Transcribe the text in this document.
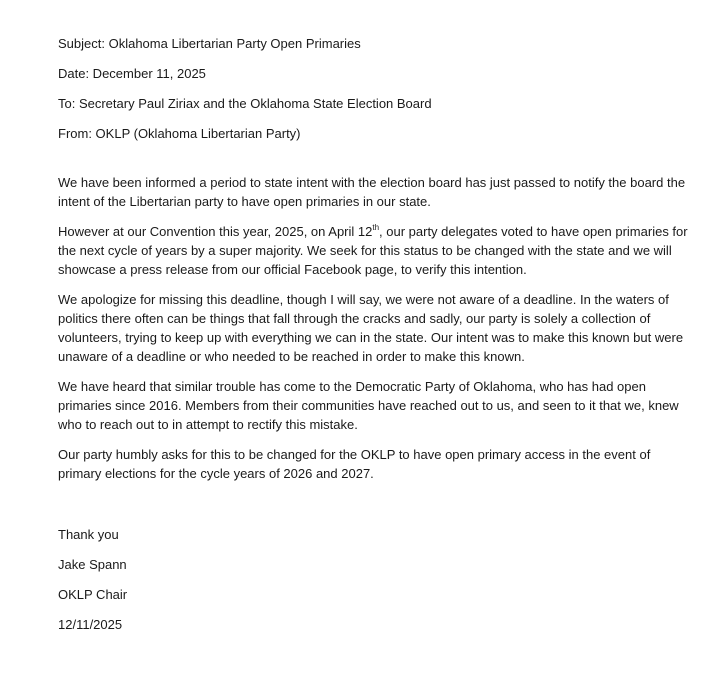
Subject: Oklahoma Libertarian Party Open Primaries
Date: December 11, 2025
To: Secretary Paul Ziriax and the Oklahoma State Election Board
From: OKLP (Oklahoma Libertarian Party)

We have been informed a period to state intent with the election board has just passed to notify the board the intent of the Libertarian party to have open primaries in our state.

However at our Convention this year, 2025, on April 12th, our party delegates voted to have open primaries for the next cycle of years by a super majority. We seek for this status to be changed with the state and we will showcase a press release from our official Facebook page, to verify this intention.

We apologize for missing this deadline, though I will say, we were not aware of a deadline. In the waters of politics there often can be things that fall through the cracks and sadly, our party is solely a collection of volunteers, trying to keep up with everything we can in the state. Our intent was to make this known but were unaware of a deadline or who needed to be reached in order to make this known.

We have heard that similar trouble has come to the Democratic Party of Oklahoma, who has had open primaries since 2016. Members from their communities have reached out to us, and seen to it that we, knew who to reach out to in attempt to rectify this mistake.

Our party humbly asks for this to be changed for the OKLP to have open primary access in the event of primary elections for the cycle years of 2026 and 2027.

Thank you
Jake Spann
OKLP Chair
12/11/2025
